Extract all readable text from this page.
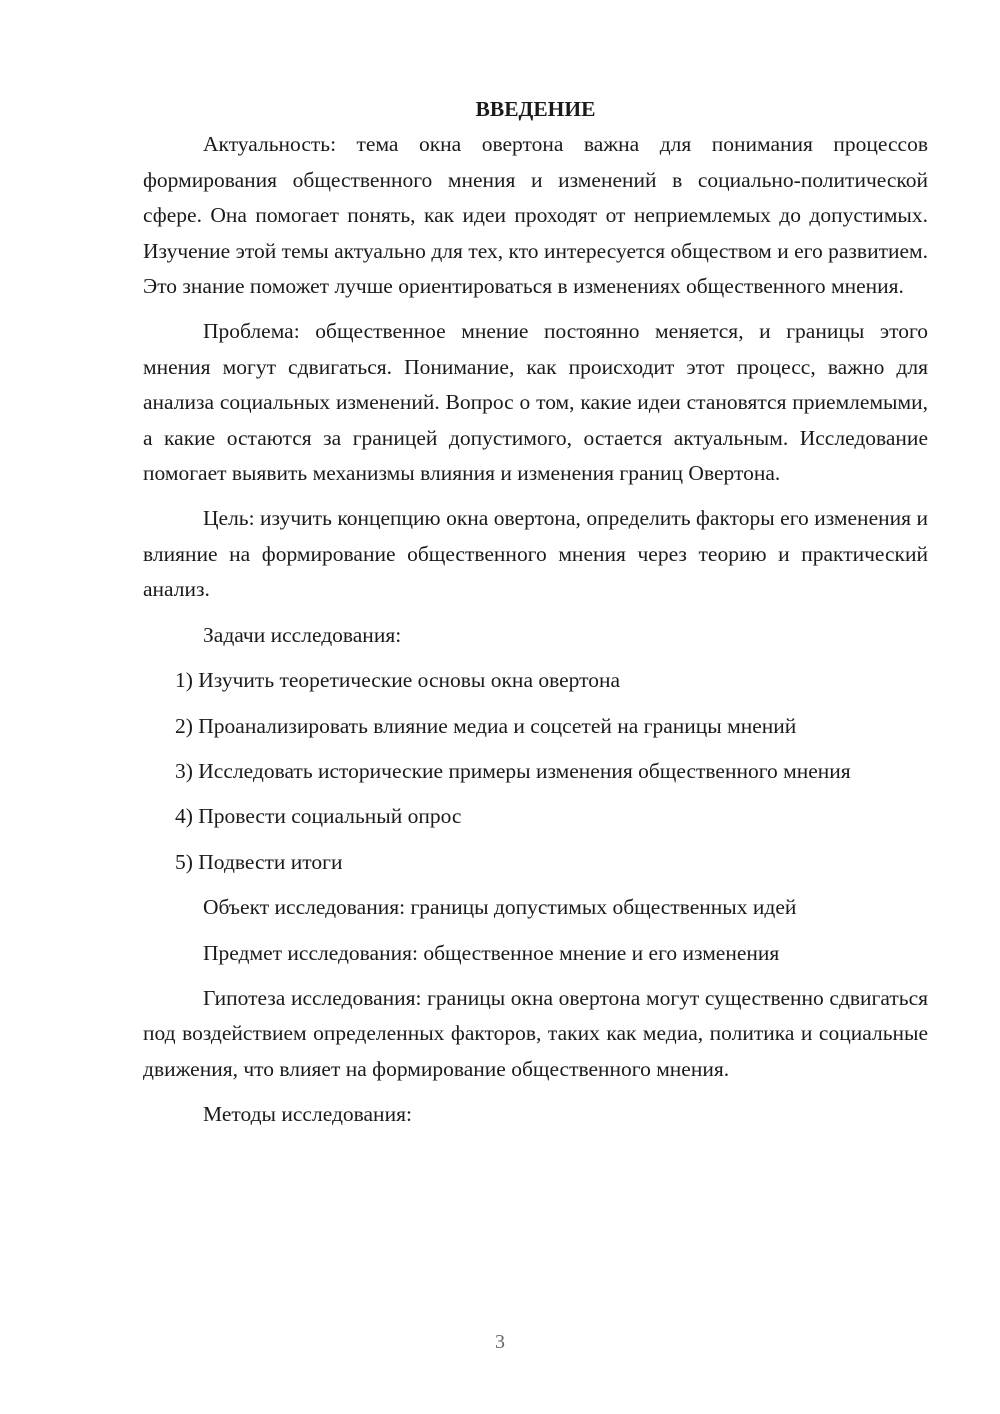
ВВЕДЕНИЕ

Актуальность: тема окна овертона важна для понимания процессов формирования общественного мнения и изменений в социально-политической сфере. Она помогает понять, как идеи проходят от неприемлемых до допустимых. Изучение этой темы актуально для тех, кто интересуется обществом и его развитием. Это знание поможет лучше ориентироваться в изменениях общественного мнения.

Проблема: общественное мнение постоянно меняется, и границы этого мнения могут сдвигаться. Понимание, как происходит этот процесс, важно для анализа социальных изменений. Вопрос о том, какие идеи становятся приемлемыми, а какие остаются за границей допустимого, остается актуальным. Исследование помогает выявить механизмы влияния и изменения границ Овертона.

Цель: изучить концепцию окна овертона, определить факторы его изменения и влияние на формирование общественного мнения через теорию и практический анализ.

Задачи исследования:

1) Изучить теоретические основы окна овертона

2) Проанализировать влияние медиа и соцсетей на границы мнений

3) Исследовать исторические примеры изменения общественного мнения

4) Провести социальный опрос

5) Подвести итоги

Объект исследования: границы допустимых общественных идей

Предмет исследования: общественное мнение и его изменения

Гипотеза исследования: границы окна овертона могут существенно сдвигаться под воздействием определенных факторов, таких как медиа, политика и социальные движения, что влияет на формирование общественного мнения.

Методы исследования:

3
